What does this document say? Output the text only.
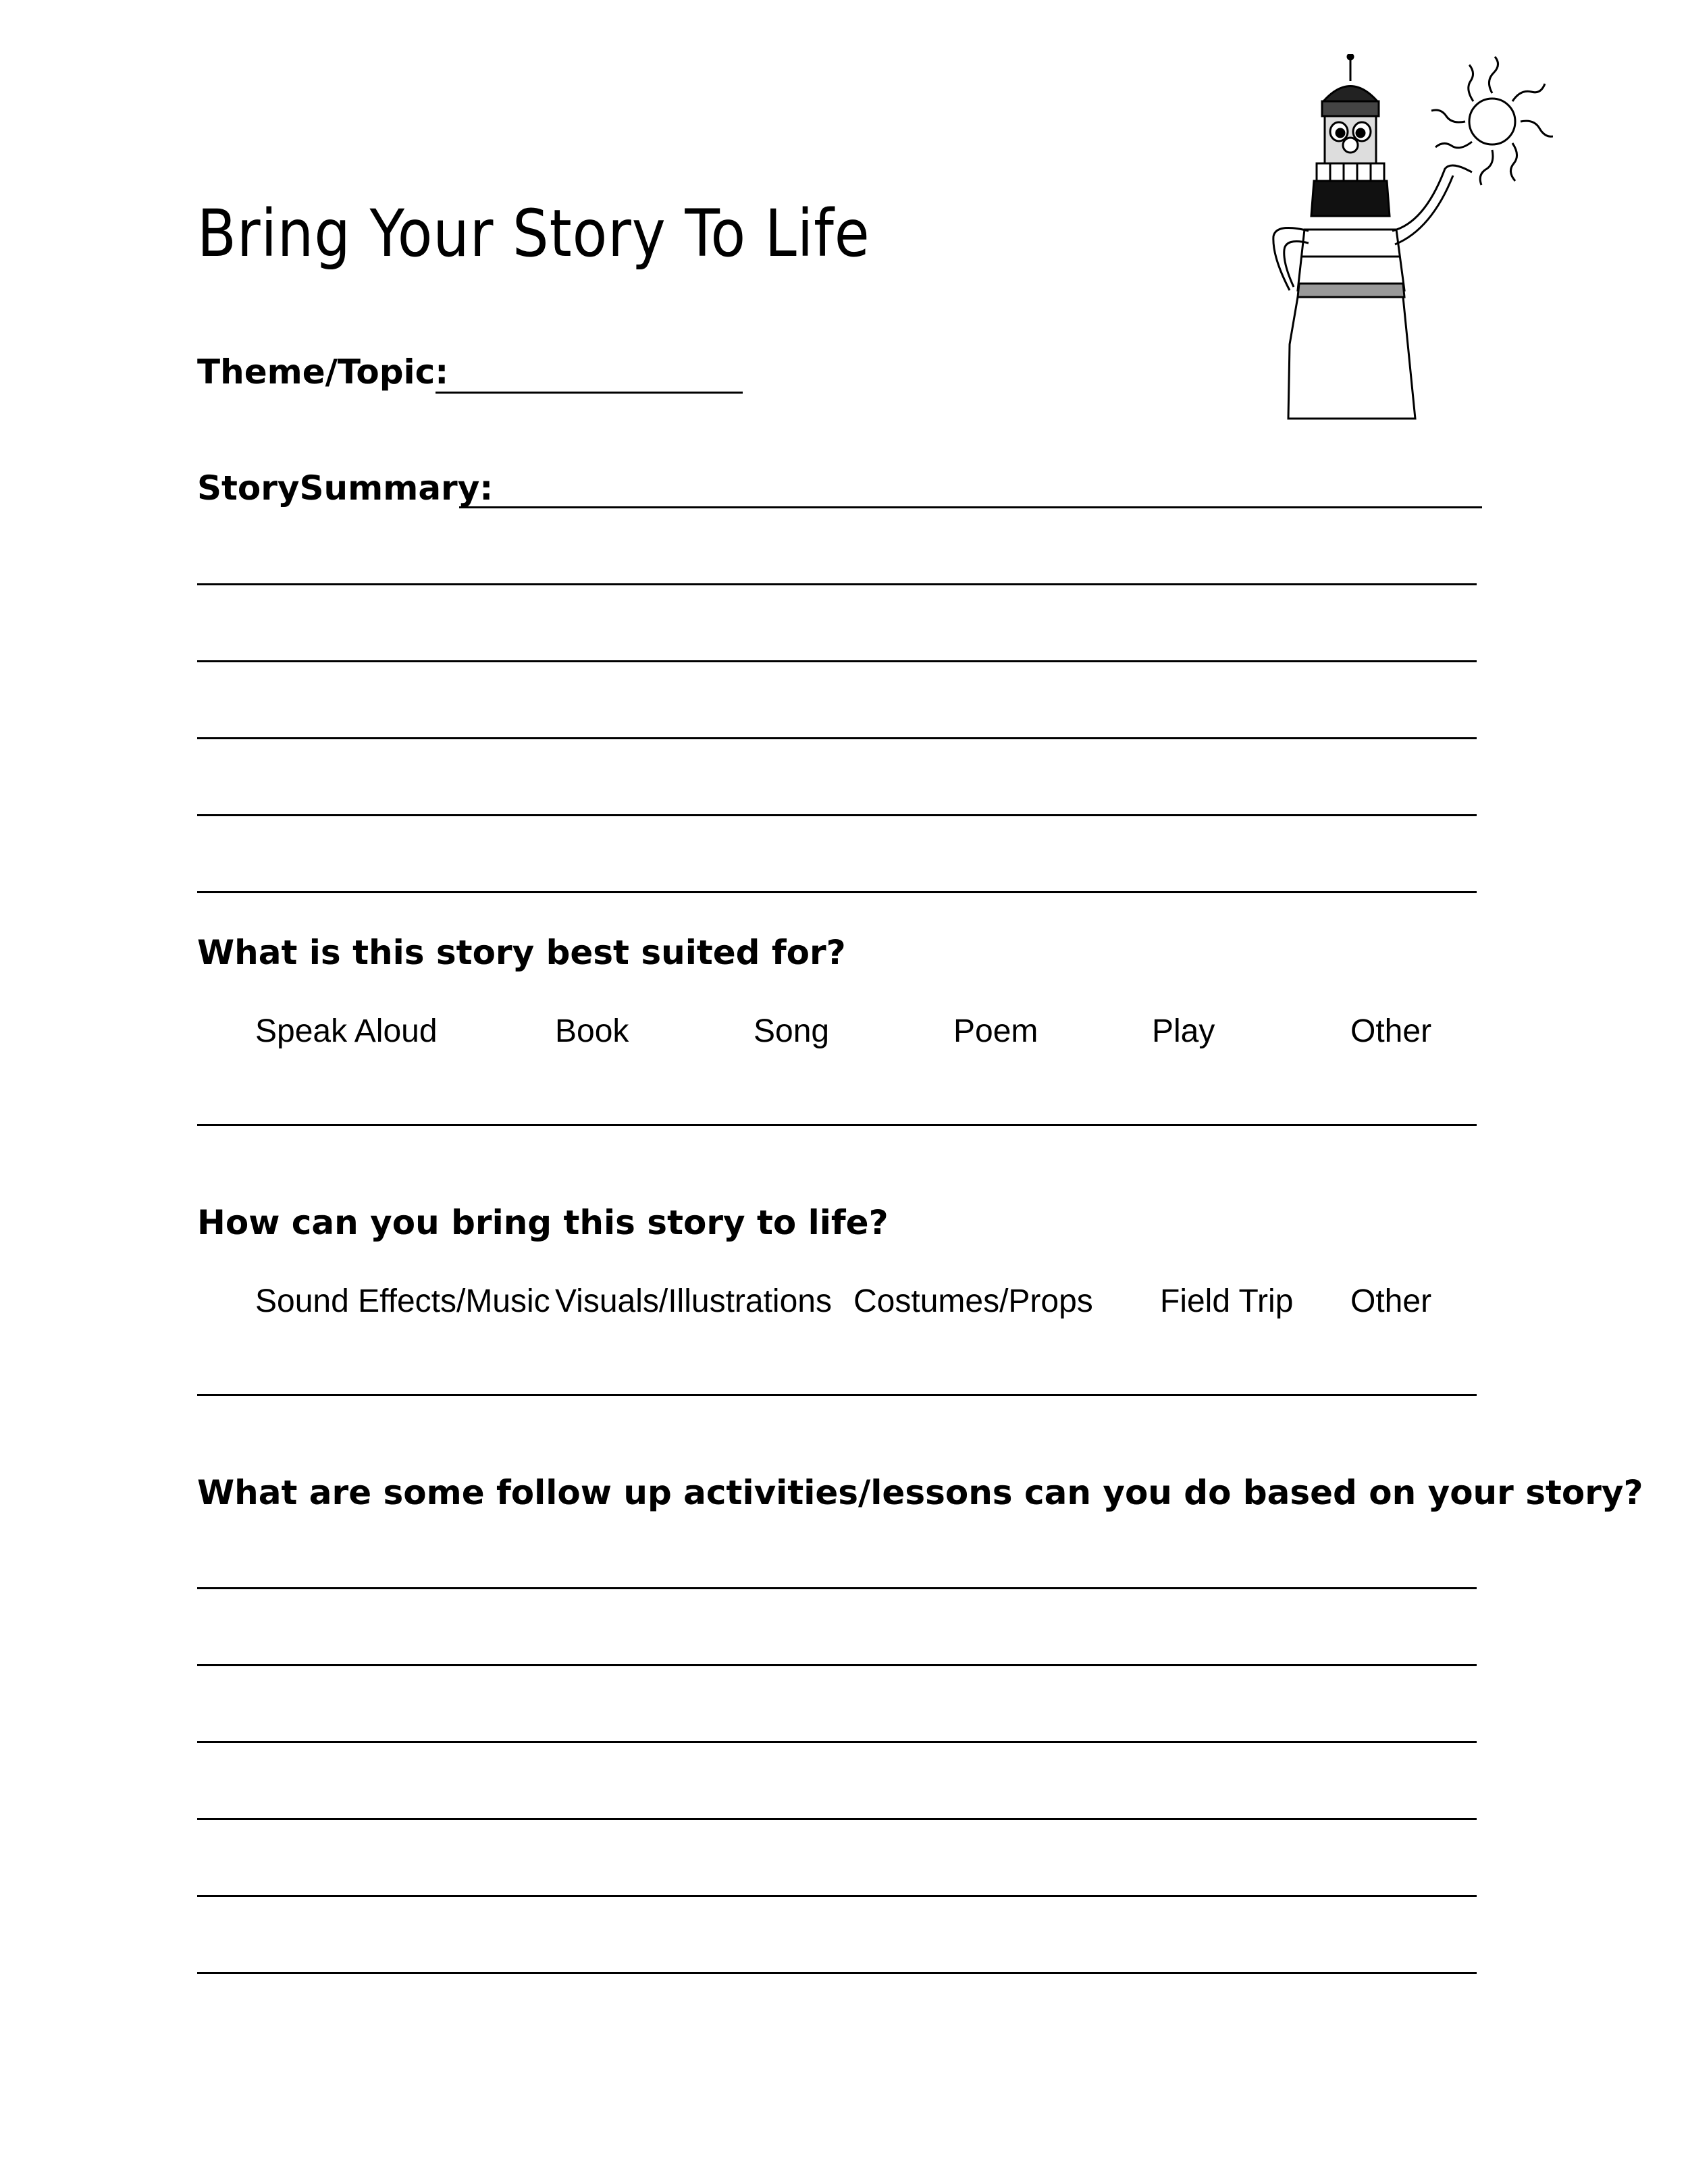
Bring Your Story To Life
Theme/Topic:
StorySummary:
What is this story best suited for?
Speak Aloud	Book	Song	Poem	Play	Other
How can you bring this story to life?
Sound Effects/Music Visuals/Illustrations Costumes/Props Field Trip Other
What are some follow up activities/lessons can you do based on your story?
